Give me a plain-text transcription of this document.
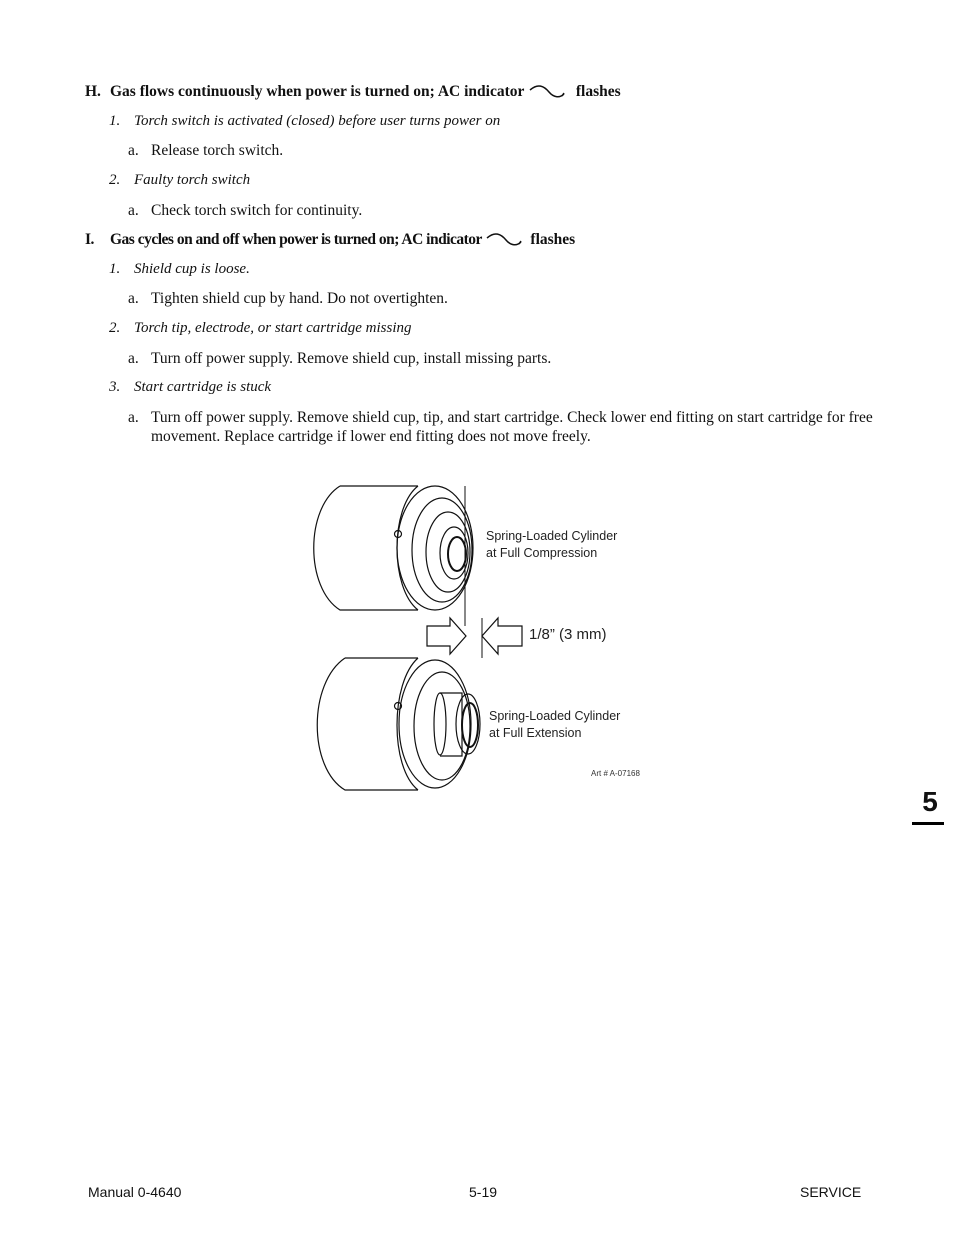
H. Gas flows continuously when power is turned on; AC indicator	flashes
1. Torch switch is activated (closed) before user turns power on
a. Release torch switch.
2. Faulty torch switch
a. Check torch switch for continuity.
I. Gas cycles on and off when power is turned on; AC indicator	flashes
1. Shield cup is loose.
a. Tighten shield cup by hand. Do not overtighten.
2. Torch tip, electrode, or start cartridge missing
a. Turn off power supply. Remove shield cup, install missing parts.
3. Start cartridge is stuck
a. Turn off power supply. Remove shield cup, tip, and start cartridge. Check lower end fitting on start cartridge for free movement. Replace cartridge if lower end fitting does not move freely.
Spring-Loaded Cylinder
at Full Compression
1/8” (3 mm)
Spring-Loaded Cylinder
at Full Extension
Art # A-07168
5
Manual 0-4640	5-19	SERVICE
